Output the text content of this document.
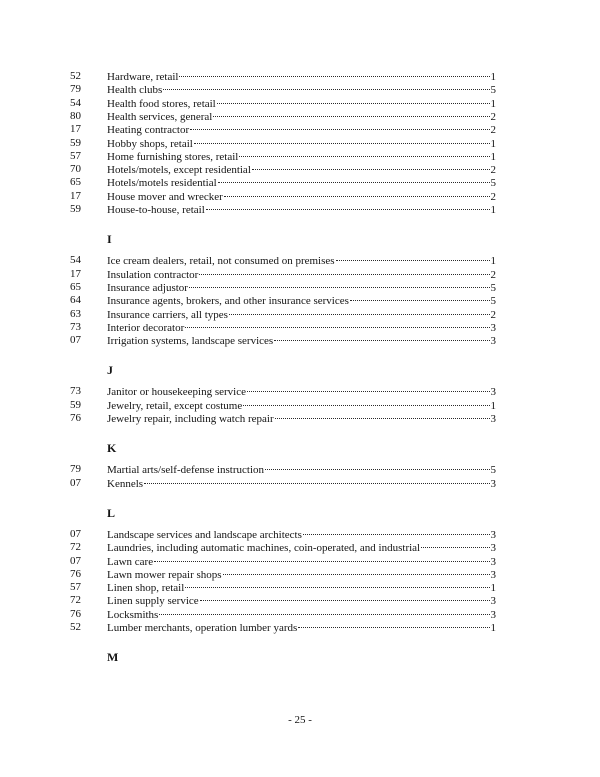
52	Hardware, retail	1
79	Health clubs	5
54	Health food stores, retail	1
80	Health services, general	2
17	Heating contractor	2
59	Hobby shops, retail	1
57	Home furnishing stores, retail	1
70	Hotels/motels, except residential	2
65	Hotels/motels residential	5
17	House mover and wrecker	2
59	House-to-house, retail	1
I
54	Ice cream dealers, retail, not consumed on premises	1
17	Insulation contractor	2
65	Insurance adjustor	5
64	Insurance agents, brokers, and other insurance services	5
63	Insurance carriers, all types	2
73	Interior decorator	3
07	Irrigation systems, landscape services	3
J
73	Janitor or housekeeping service	3
59	Jewelry, retail, except costume	1
76	Jewelry repair, including watch repair	3
K
79	Martial arts/self-defense instruction	5
07	Kennels	3
L
07	Landscape services and landscape architects	3
72	Laundries, including automatic machines, coin-operated, and industrial	3
07	Lawn care	3
76	Lawn mower repair shops	3
57	Linen shop, retail	1
72	Linen supply service	3
76	Locksmiths	3
52	Lumber merchants, operation lumber yards	1
M
- 25 -
